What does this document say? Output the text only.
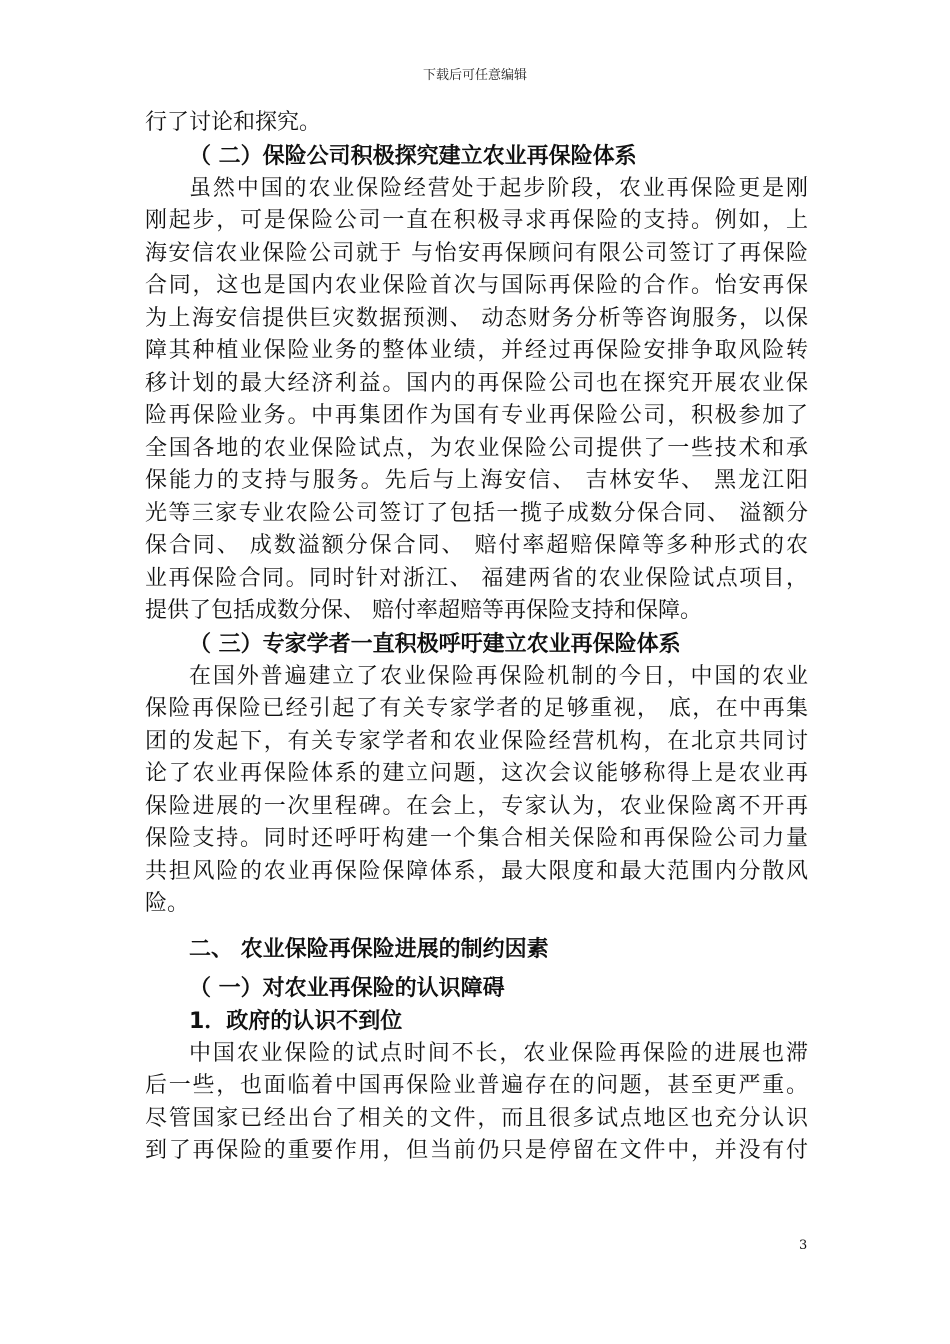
下载后可任意编辑
行了讨论和探究。
（ 二）保险公司积极探究建立农业再保险体系
虽然中国的农业保险经营处于起步阶段，农业再保险更是刚
刚起步，可是保险公司一直在积极寻求再保险的支持。例如，上
海安信农业保险公司就于 与怡安再保顾问有限公司签订了再保险
合同，这也是国内农业保险首次与国际再保险的合作。怡安再保
为上海安信提供巨灾数据预测、 动态财务分析等咨询服务，以保
障其种植业保险业务的整体业绩，并经过再保险安排争取风险转
移计划的最大经济利益。国内的再保险公司也在探究开展农业保
险再保险业务。中再集团作为国有专业再保险公司，积极参加了
全国各地的农业保险试点，为农业保险公司提供了一些技术和承
保能力的支持与服务。先后与上海安信、 吉林安华、 黑龙江阳
光等三家专业农险公司签订了包括一揽子成数分保合同、 溢额分
保合同、 成数溢额分保合同、 赔付率超赔保障等多种形式的农
业再保险合同。同时针对浙江、 福建两省的农业保险试点项目，
提供了包括成数分保、 赔付率超赔等再保险支持和保障。
（ 三）专家学者一直积极呼吁建立农业再保险体系
在国外普遍建立了农业保险再保险机制的今日，中国的农业
保险再保险已经引起了有关专家学者的足够重视， 底，在中再集
团的发起下，有关专家学者和农业保险经营机构，在北京共同讨
论了农业再保险体系的建立问题，这次会议能够称得上是农业再
保险进展的一次里程碑。在会上，专家认为，农业保险离不开再
保险支持。同时还呼吁构建一个集合相关保险和再保险公司力量
共担风险的农业再保险保障体系，最大限度和最大范围内分散风
险。
二、 农业保险再保险进展的制约因素
（ 一）对农业再保险的认识障碍
1．政府的认识不到位
中国农业保险的试点时间不长，农业保险再保险的进展也滞
后一些，也面临着中国再保险业普遍存在的问题，甚至更严重。
尽管国家已经出台了相关的文件，而且很多试点地区也充分认识
到了再保险的重要作用，但当前仍只是停留在文件中，并没有付
3
